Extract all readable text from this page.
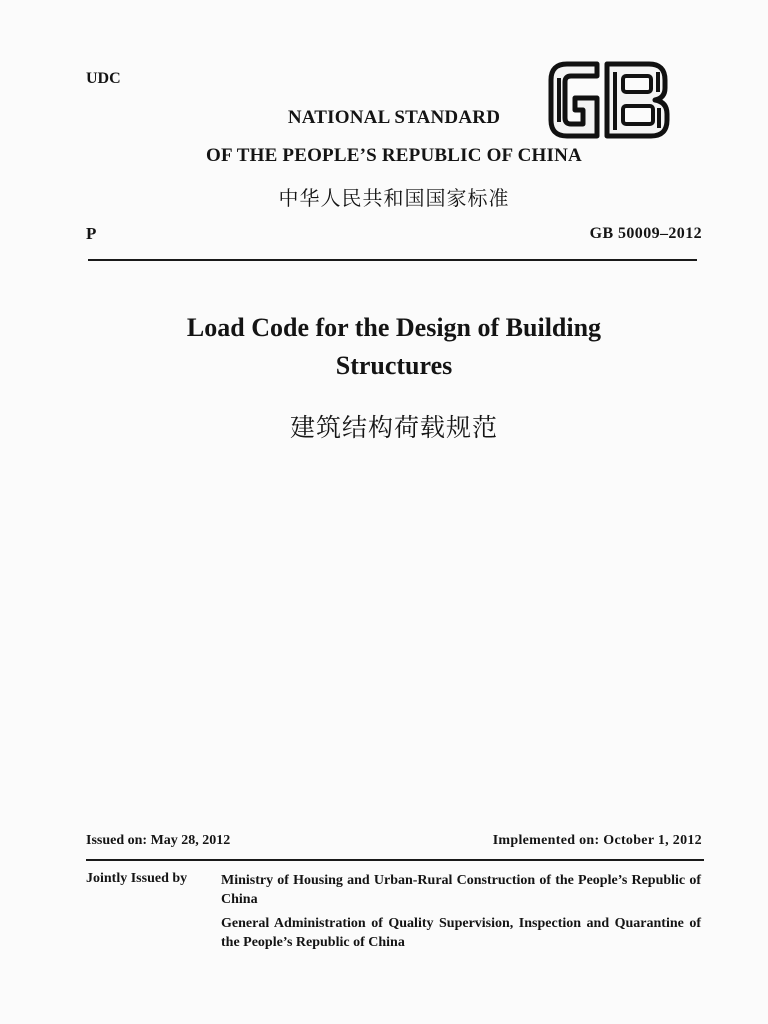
UDC
NATIONAL STANDARD
OF THE PEOPLE’S REPUBLIC OF CHINA
中华人民共和国国家标准
P	GB 50009–2012
Load Code for the Design of Building
Structures
建筑结构荷载规范
Issued on: May 28, 2012	Implemented on: October 1, 2012
Jointly Issued by Ministry of Housing and Urban-Rural Construction of the People’s Republic of China
General Administration of Quality Supervision, Inspection and Quarantine of the People’s Republic of China
